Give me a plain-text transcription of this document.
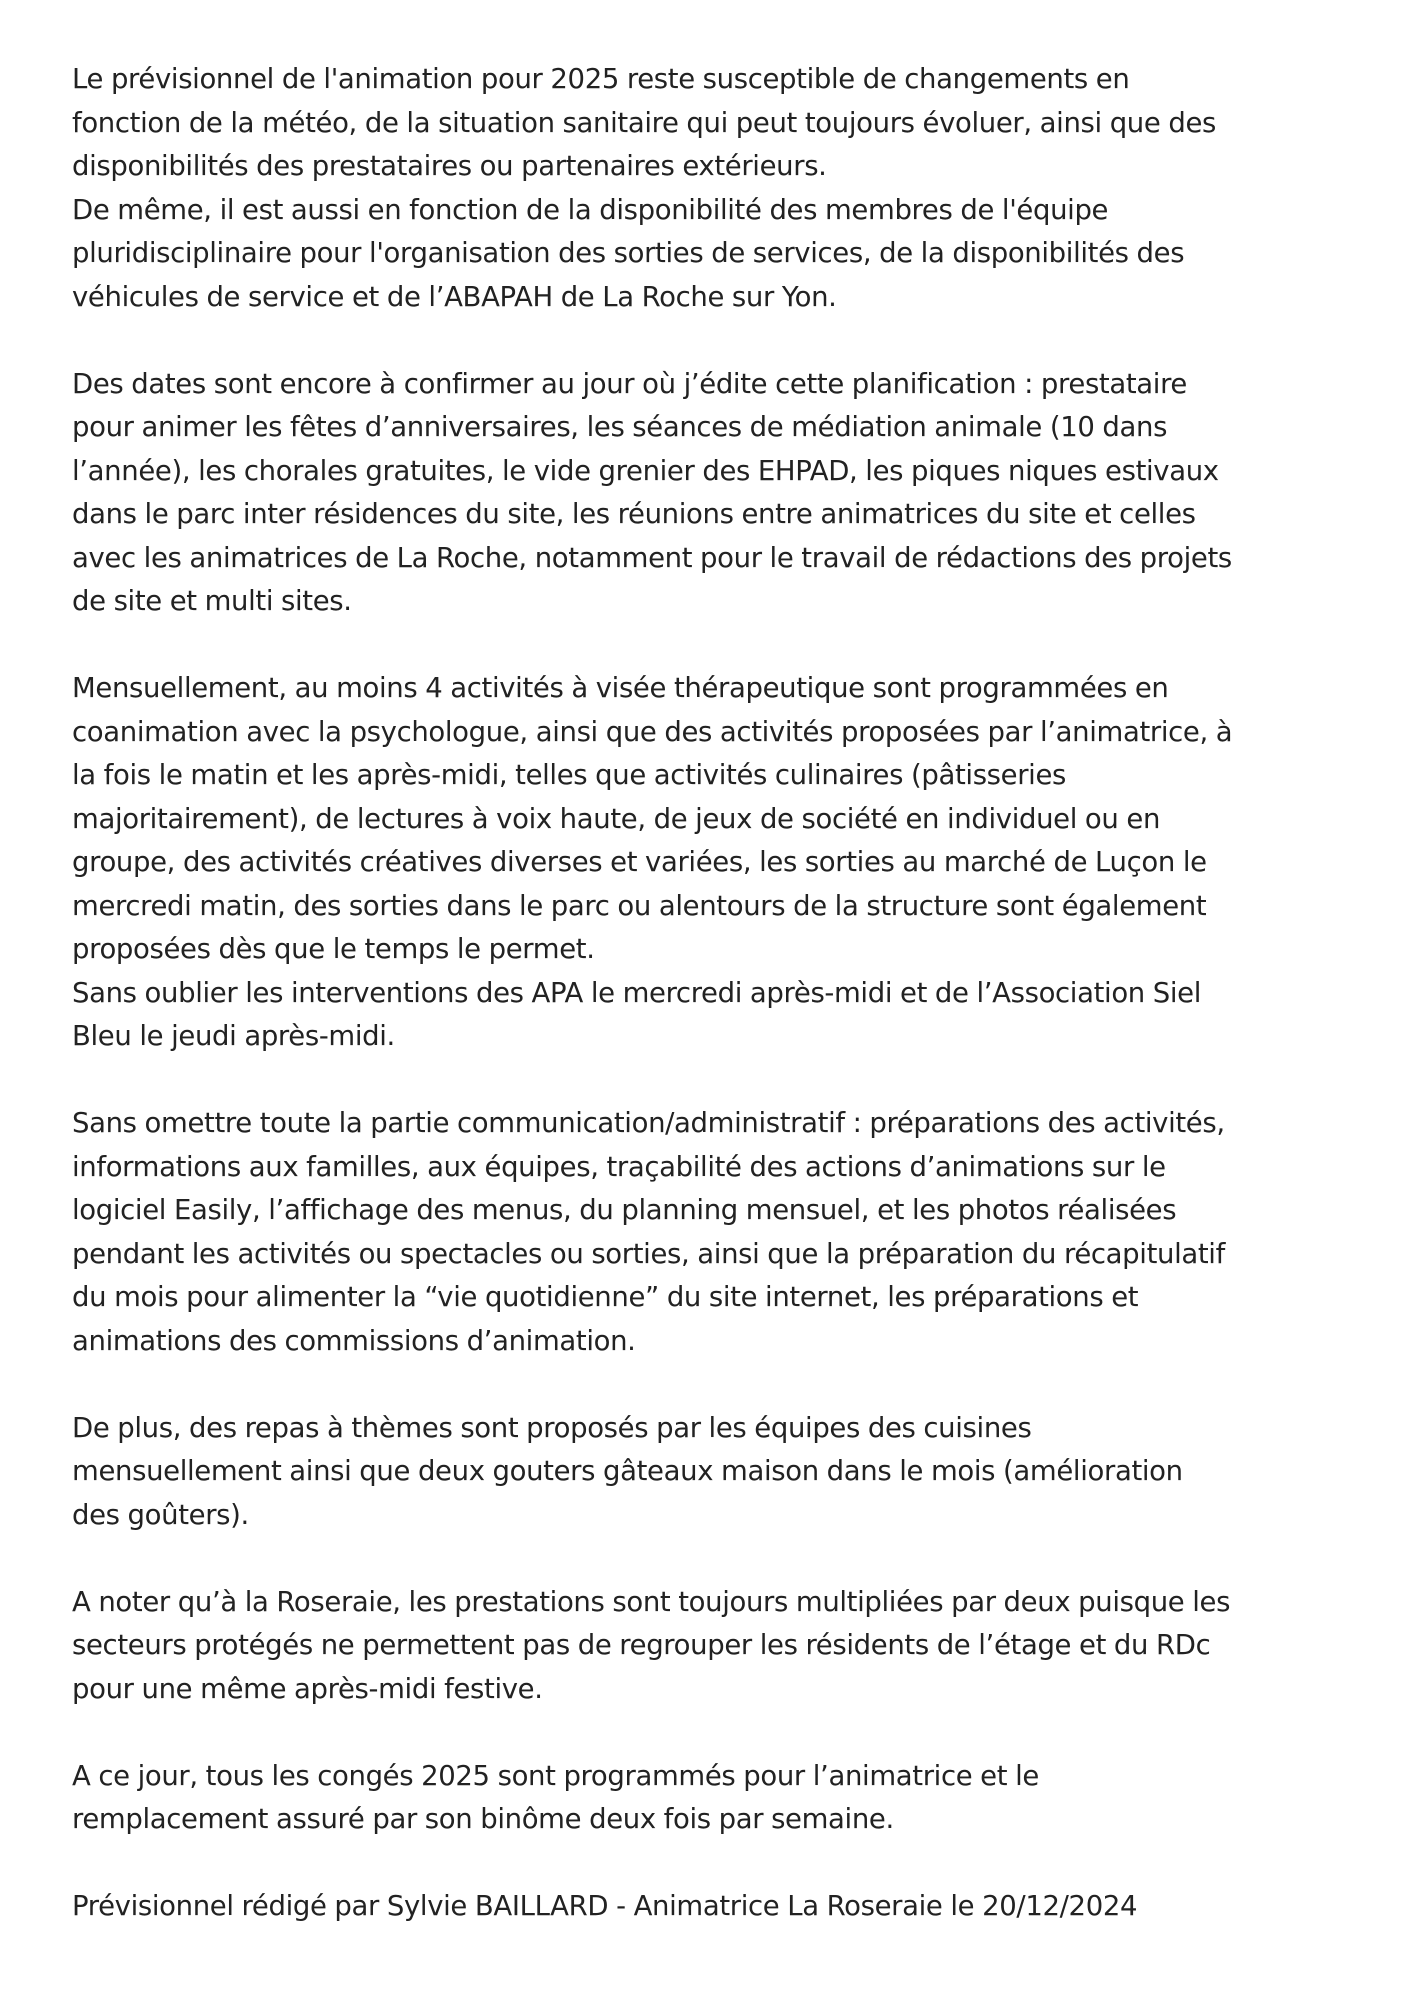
Le prévisionnel de l'animation pour 2025 reste susceptible de changements en
fonction de la météo, de la situation sanitaire qui peut toujours évoluer, ainsi que des
disponibilités des prestataires ou partenaires extérieurs.
De même, il est aussi en fonction de la disponibilité des membres de l'équipe
pluridisciplinaire pour l'organisation des sorties de services, de la disponibilités des
véhicules de service et de l’ABAPAH de La Roche sur Yon.

Des dates sont encore à confirmer au jour où j’édite cette planification : prestataire
pour animer les fêtes d’anniversaires, les séances de médiation animale (10 dans
l’année), les chorales gratuites, le vide grenier des EHPAD, les piques niques estivaux
dans le parc inter résidences du site, les réunions entre animatrices du site et celles
avec les animatrices de La Roche, notamment pour le travail de rédactions des projets
de site et multi sites.

Mensuellement, au moins 4 activités à visée thérapeutique sont programmées en
coanimation avec la psychologue, ainsi que des activités proposées par l’animatrice, à
la fois le matin et les après-midi, telles que activités culinaires (pâtisseries
majoritairement), de lectures à voix haute, de jeux de société en individuel ou en
groupe, des activités créatives diverses et variées, les sorties au marché de Luçon le
mercredi matin, des sorties dans le parc ou alentours de la structure sont également
proposées dès que le temps le permet.
Sans oublier les interventions des APA le mercredi après-midi et de l’Association Siel
Bleu le jeudi après-midi.

Sans omettre toute la partie communication/administratif : préparations des activités,
informations aux familles, aux équipes, traçabilité des actions d’animations sur le
logiciel Easily, l’affichage des menus, du planning mensuel, et les photos réalisées
pendant les activités ou spectacles ou sorties, ainsi que la préparation du récapitulatif
du mois pour alimenter la “vie quotidienne” du site internet, les préparations et
animations des commissions d’animation.

De plus, des repas à thèmes sont proposés par les équipes des cuisines
mensuellement ainsi que deux gouters gâteaux maison dans le mois (amélioration
des goûters).

A noter qu’à la Roseraie, les prestations sont toujours multipliées par deux puisque les
secteurs protégés ne permettent pas de regrouper les résidents de l’étage et du RDc
pour une même après-midi festive.

A ce jour, tous les congés 2025 sont programmés pour l’animatrice et le
remplacement assuré par son binôme deux fois par semaine.

Prévisionnel rédigé par Sylvie BAILLARD - Animatrice La Roseraie le 20/12/2024
